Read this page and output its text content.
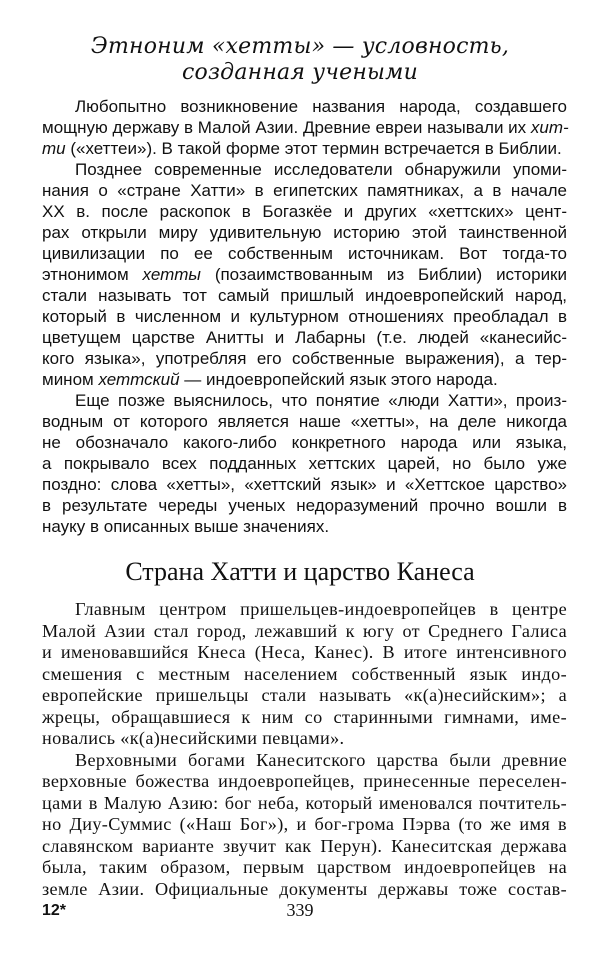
Этноним «хетты» — условность,
созданная учеными
Любопытно возникновение названия народа, создавшего
мощную державу в Малой Азии. Древние евреи называли их хит-
ти («хеттеи»). В такой форме этот термин встречается в Библии.
Позднее современные исследователи обнаружили упоми-
нания о «стране Хатти» в египетских памятниках, а в начале
XX в. после раскопок в Богазкёе и других «хеттских» цент-
рах открыли миру удивительную историю этой таинственной
цивилизации по ее собственным источникам. Вот тогда-то
этнонимом хетты (позаимствованным из Библии) историки
стали называть тот самый пришлый индоевропейский народ,
который в численном и культурном отношениях преобладал в
цветущем царстве Анитты и Лабарны (т.е. людей «канесийс-
кого языка», употребляя его собственные выражения), а тер-
мином хеттский — индоевропейский язык этого народа.
Еще позже выяснилось, что понятие «люди Хатти», произ-
водным от которого является наше «хетты», на деле никогда
не обозначало какого-либо конкретного народа или языка,
а покрывало всех подданных хеттских царей, но было уже
поздно: слова «хетты», «хеттский язык» и «Хеттское царство»
в результате череды ученых недоразумений прочно вошли в
науку в описанных выше значениях.
Страна Хатти и царство Канеса
Главным центром пришельцев-индоевропейцев в центре
Малой Азии стал город, лежавший к югу от Среднего Галиса
и именовавшийся Кнеса (Неса, Канес). В итоге интенсивного
смешения с местным населением собственный язык индо-
европейские пришельцы стали называть «к(а)несийским»; а
жрецы, обращавшиеся к ним со старинными гимнами, име-
новались «к(а)несийскими певцами».
Верховными богами Канеситского царства были древние
верховные божества индоевропейцев, принесенные переселен-
цами в Малую Азию: бог неба, который именовался почтитель-
но Диу-Суммис («Наш Бог»), и бог-грома Пэрва (то же имя в
славянском варианте звучит как Перун). Канеситская держава
была, таким образом, первым царством индоевропейцев на
земле Азии. Официальные документы державы тоже состав-
12*	339
